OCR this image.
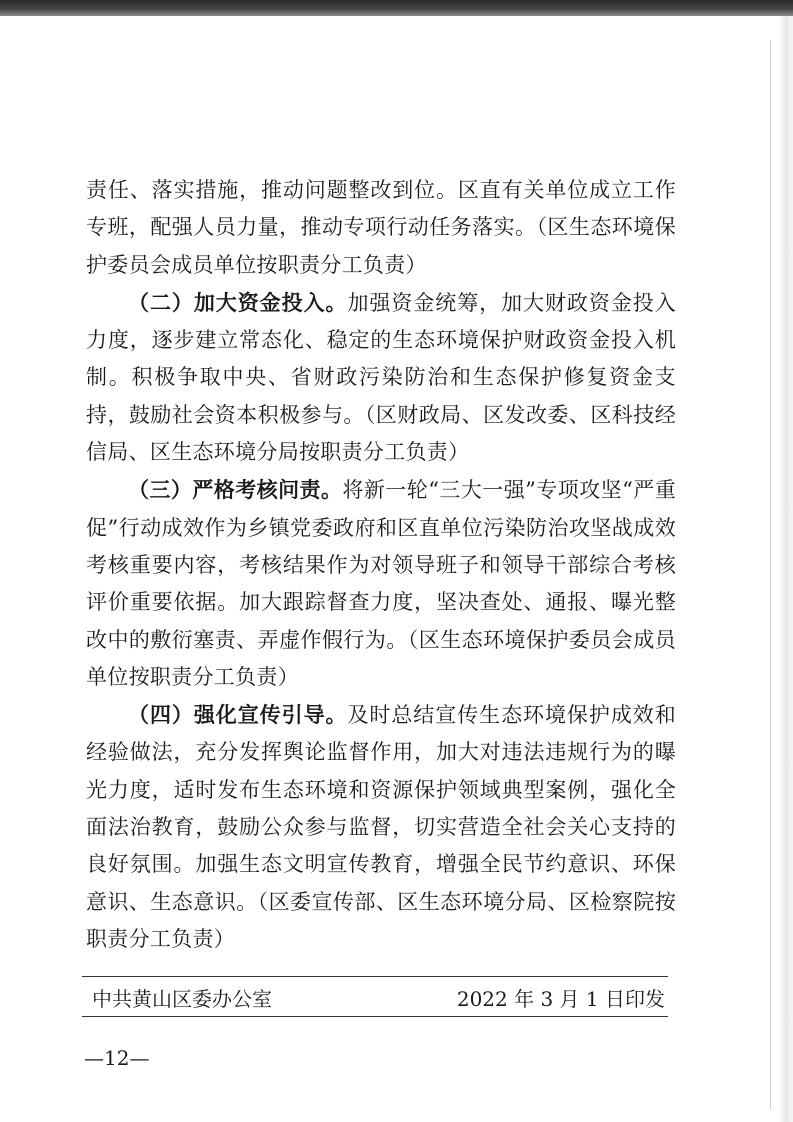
责任、落实措施，推动问题整改到位。区直有关单位成立工作专班，配强人员力量，推动专项行动任务落实。（区生态环境保护委员会成员单位按职责分工负责）

（二）加大资金投入。加强资金统筹，加大财政资金投入力度，逐步建立常态化、稳定的生态环境保护财政资金投入机制。积极争取中央、省财政污染防治和生态保护修复资金支持，鼓励社会资本积极参与。（区财政局、区发改委、区科技经信局、区生态环境分局按职责分工负责）

（三）严格考核问责。将新一轮“三大一强”专项攻坚“严重促”行动成效作为乡镇党委政府和区直单位污染防治攻坚战成效考核重要内容，考核结果作为对领导班子和领导干部综合考核评价重要依据。加大跟踪督查力度，坚决查处、通报、曝光整改中的敷衍塞责、弄虚作假行为。（区生态环境保护委员会成员单位按职责分工负责）

（四）强化宣传引导。及时总结宣传生态环境保护成效和经验做法，充分发挥舆论监督作用，加大对违法违规行为的曝光力度，适时发布生态环境和资源保护领域典型案例，强化全面法治教育，鼓励公众参与监督，切实营造全社会关心支持的良好氛围。加强生态文明宣传教育，增强全民节约意识、环保意识、生态意识。（区委宣传部、区生态环境分局、区检察院按职责分工负责）

中共黄山区委办公室	2022 年 3 月 1 日印发
—12—
